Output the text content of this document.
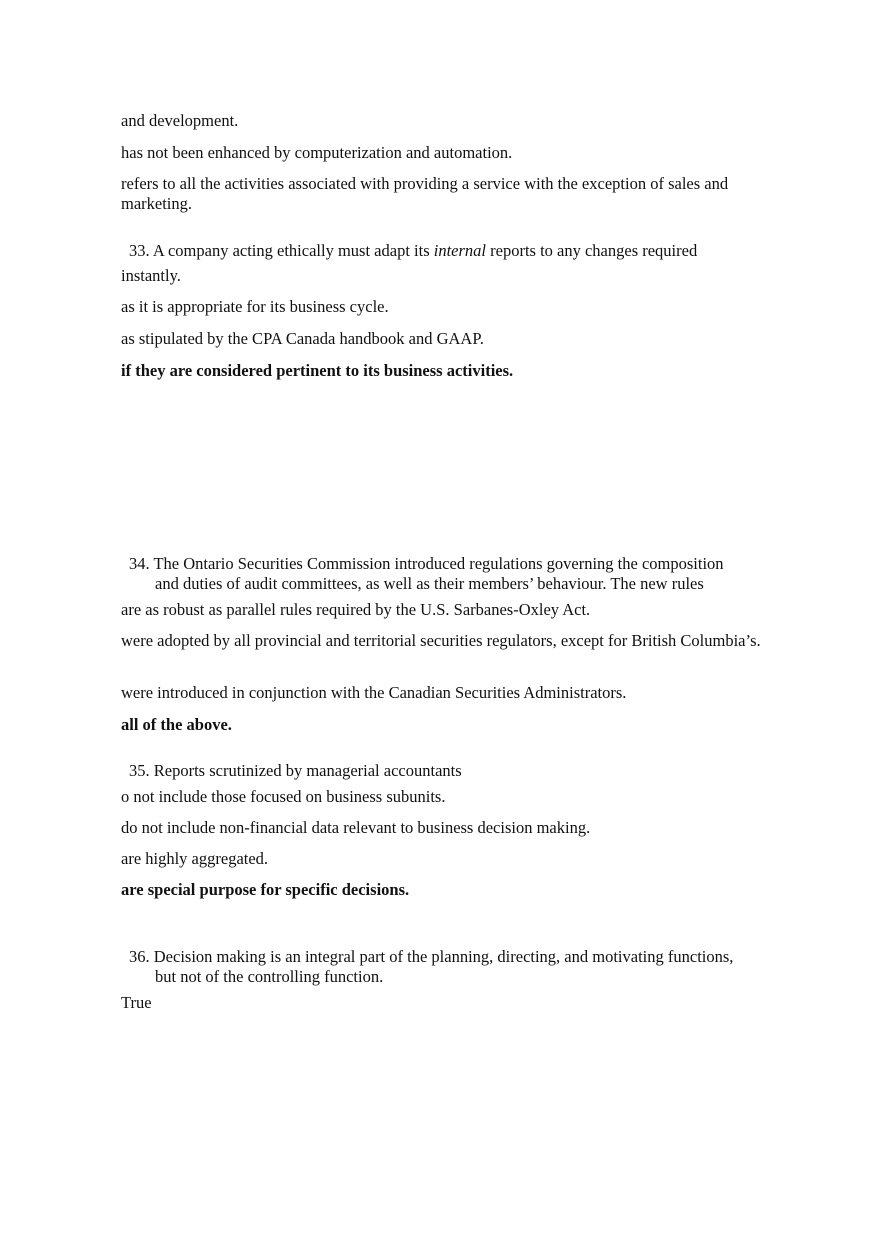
and development.

has not been enhanced by computerization and automation.

refers to all the activities associated with providing a service with the exception of sales and marketing.

33. A company acting ethically must adapt its internal reports to any changes required

instantly.

as it is appropriate for its business cycle.

as stipulated by the CPA Canada handbook and GAAP.

if they are considered pertinent to its business activities.

34. The Ontario Securities Commission introduced regulations governing the composition
and duties of audit committees, as well as their members’ behaviour. The new rules

are as robust as parallel rules required by the U.S. Sarbanes-Oxley Act.

were adopted by all provincial and territorial securities regulators, except for British Columbia’s.

were introduced in conjunction with the Canadian Securities Administrators.

all of the above.

35. Reports scrutinized by managerial accountants

o not include those focused on business subunits.

do not include non-financial data relevant to business decision making.

are highly aggregated.

are special purpose for specific decisions.

36. Decision making is an integral part of the planning, directing, and motivating functions,
but not of the controlling function.

True
